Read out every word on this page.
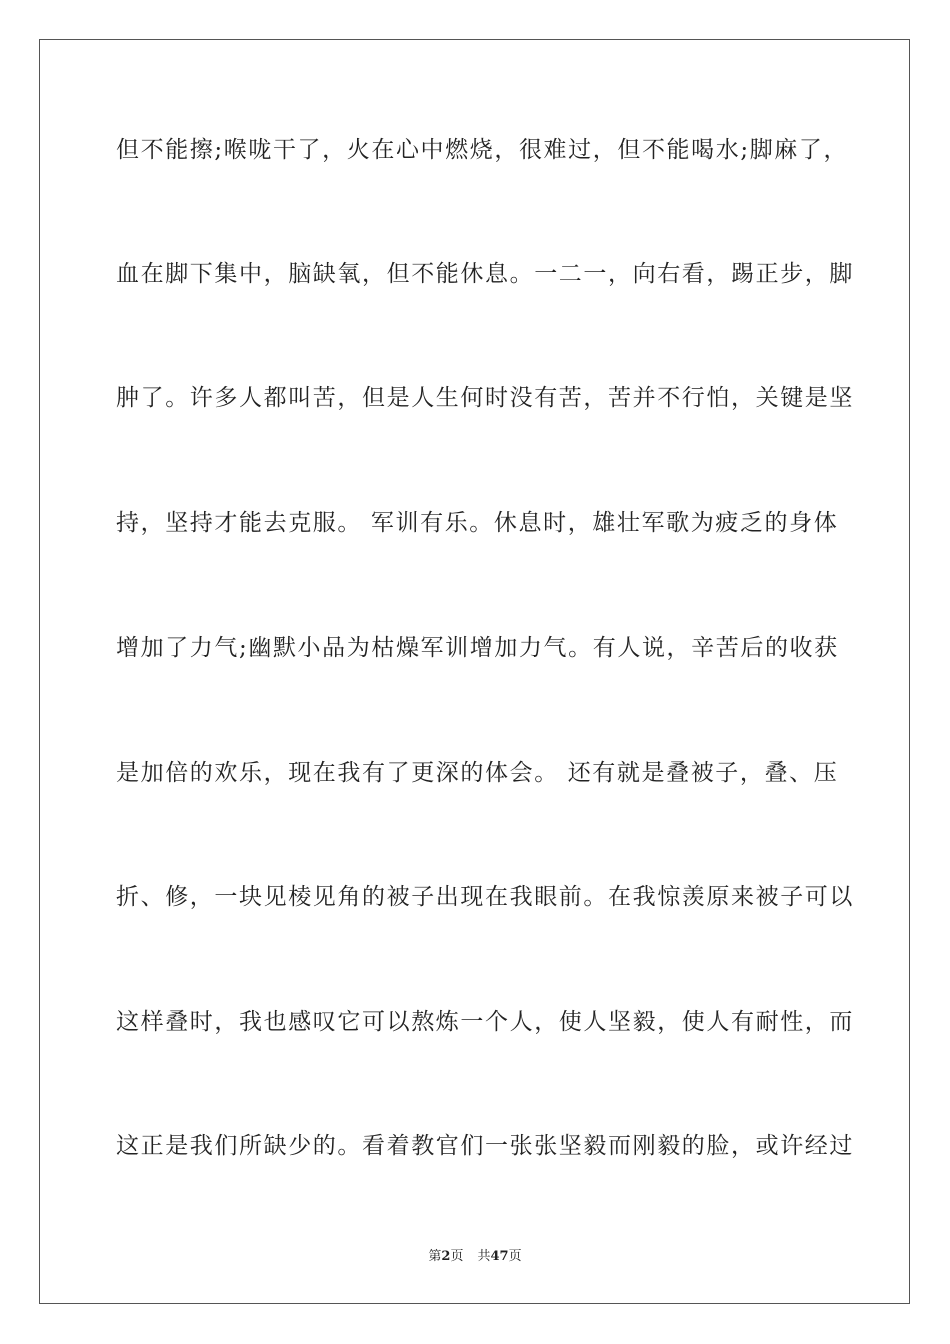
但不能擦;喉咙干了，火在心中燃烧，很难过，但不能喝水;脚麻了，
血在脚下集中，脑缺氧，但不能休息。一二一，向右看，踢正步，脚
肿了。许多人都叫苦，但是人生何时没有苦，苦并不行怕，关键是坚
持，坚持才能去克服。 军训有乐。休息时，雄壮军歌为疲乏的身体
增加了力气;幽默小品为枯燥军训增加力气。有人说，辛苦后的收获
是加倍的欢乐，现在我有了更深的体会。 还有就是叠被子，叠、压
折、修，一块见棱见角的被子出现在我眼前。在我惊羡原来被子可以
这样叠时，我也感叹它可以熬炼一个人，使人坚毅，使人有耐性，而
这正是我们所缺少的。看着教官们一张张坚毅而刚毅的脸，或许经过
第2页 共47页
